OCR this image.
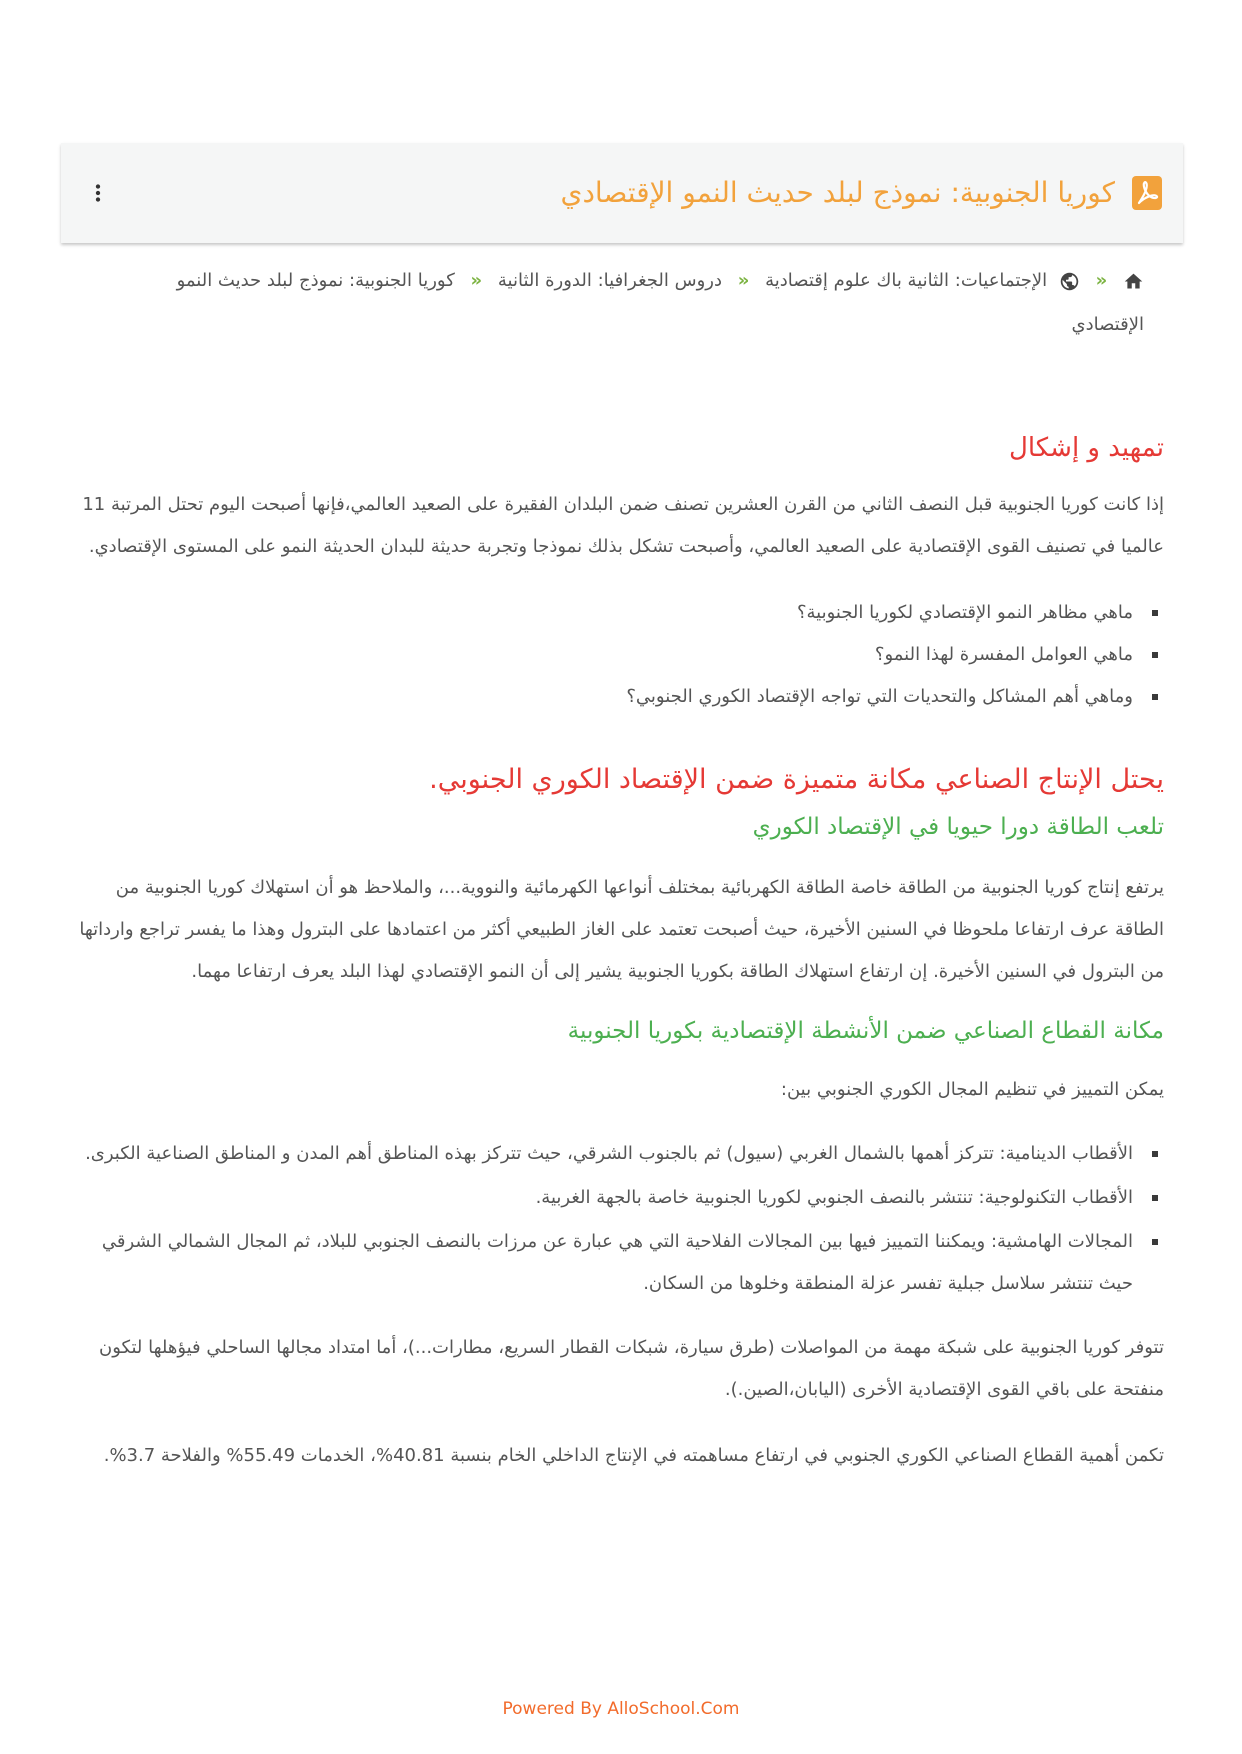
كوريا الجنوبية: نموذج لبلد حديث النمو الإقتصادي
»  الإجتماعيات: الثانية باك علوم إقتصادية » دروس الجغرافيا: الدورة الثانية » كوريا الجنوبية: نموذج لبلد حديث النمو الإقتصادي
تمهيد و إشكال

إذا كانت كوريا الجنوبية قبل النصف الثاني من القرن العشرين تصنف ضمن البلدان الفقيرة على الصعيد العالمي،فإنها أصبحت اليوم تحتل المرتبة 11 عالميا في تصنيف القوى الإقتصادية على الصعيد العالمي، وأصبحت تشكل بذلك نموذجا وتجربة حديثة للبدان الحديثة النمو على المستوى الإقتصادي.

ماهي مظاهر النمو الإقتصادي لكوريا الجنوبية؟
ماهي العوامل المفسرة لهذا النمو؟
وماهي أهم المشاكل والتحديات التي تواجه الإقتصاد الكوري الجنوبي؟
يحتل الإنتاج الصناعي مكانة متميزة ضمن الإقتصاد الكوري الجنوبي.
تلعب الطاقة دورا حيويا في الإقتصاد الكوري

يرتفع إنتاج كوريا الجنوبية من الطاقة خاصة الطاقة الكهربائية بمختلف أنواعها الكهرمائية والنووية...، والملاحظ هو أن استهلاك كوريا الجنوبية من الطاقة عرف ارتفاعا ملحوظا في السنين الأخيرة، حيث أصبحت تعتمد على الغاز الطبيعي أكثر من اعتمادها على البترول وهذا ما يفسر تراجع وارداتها من البترول في السنين الأخيرة. إن ارتفاع استهلاك الطاقة بكوريا الجنوبية يشير إلى أن النمو الإقتصادي لهذا البلد يعرف ارتفاعا مهما.

مكانة القطاع الصناعي ضمن الأنشطة الإقتصادية بكوريا الجنوبية

يمكن التمييز في تنظيم المجال الكوري الجنوبي بين:

الأقطاب الدينامية: تتركز أهمها بالشمال الغربي (سيول) ثم بالجنوب الشرقي، حيث تتركز بهذه المناطق أهم المدن و المناطق الصناعية الكبرى.
الأقطاب التكنولوجية: تنتشر بالنصف الجنوبي لكوريا الجنوبية خاصة بالجهة الغربية.
المجالات الهامشية: ويمكننا التمييز فيها بين المجالات الفلاحية التي هي عبارة عن مرزات بالنصف الجنوبي للبلاد، ثم المجال الشمالي الشرقي حيث تنتشر سلاسل جبلية تفسر عزلة المنطقة وخلوها من السكان.

تتوفر كوريا الجنوبية على شبكة مهمة من المواصلات (طرق سيارة، شبكات القطار السريع، مطارات...)، أما امتداد مجالها الساحلي فيؤهلها لتكون منفتحة على باقي القوى الإقتصادية الأخرى (اليابان،الصين.).

تكمن أهمية القطاع الصناعي الكوري الجنوبي في ارتفاع مساهمته في الإنتاج الداخلي الخام بنسبة 40.81%، الخدمات 55.49% والفلاحة 3.7%.

Powered By AlloSchool.Com
